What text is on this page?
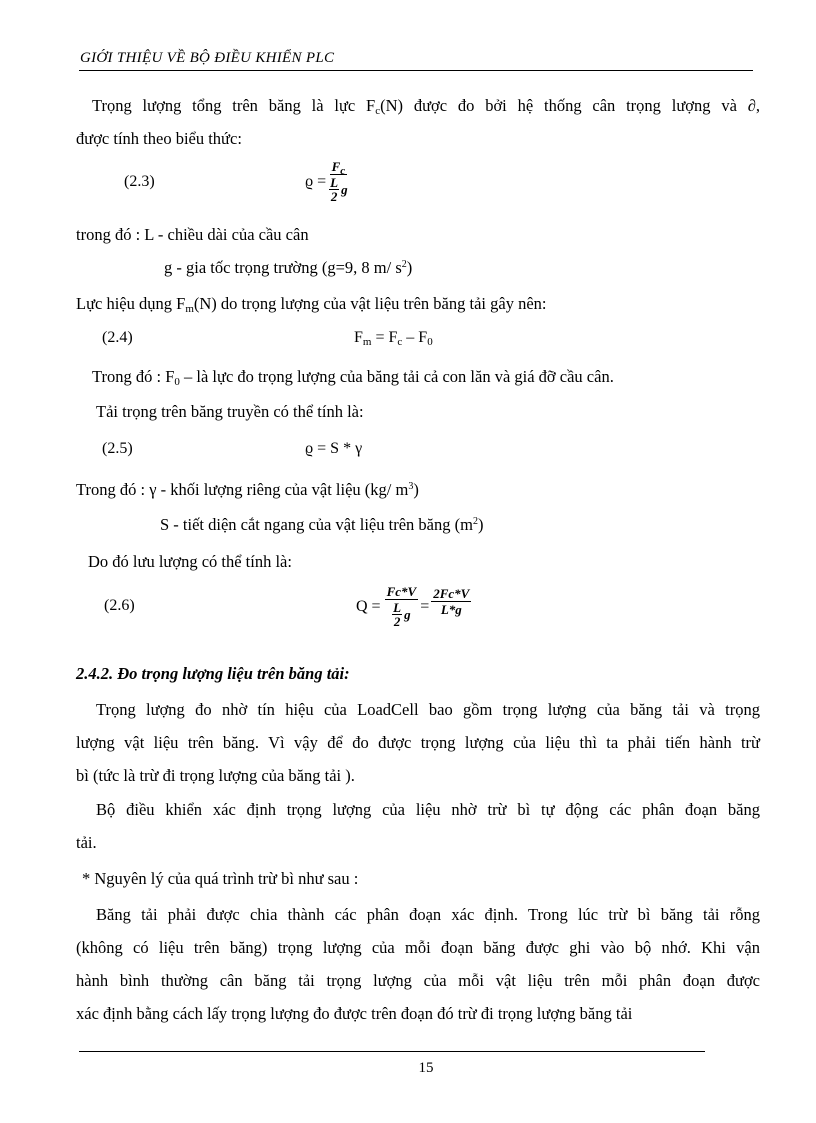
GIỚI THIỆU VỀ BỘ ĐIỀU KHIỂN PLC
Trọng lượng tổng trên băng là lực $F_c(N)$ được đo bởi hệ thống cân trọng lượng và ∂,
được tính theo biểu thức:
(2.3)	$ϱ = F_c$
L
2 g
trong đó : L - chiều dài của cầu cân
g - gia tốc trọng trường (g=9, 8 m/ $s^2$)
Lực hiệu dụng $F_m(N)$ do trọng lượng của vật liệu trên băng tải gây nên:
(2.4)	$F_m = F_c - F_0$
Trong đó : $F_0$ – là lực đo trọng lượng của băng tải cả con lăn và giá đỡ cầu cân.
Tải trọng trên băng truyền có thể tính là:
(2.5)	ϱ = S * γ
Trong đó : γ - khối lượng riêng của vật liệu (kg/ $m^3$)
S - tiết diện cắt ngang của vật liệu trên băng $(m^2)$
Do đó lưu lượng có thể tính là:
(2.6)	Q = Fc*V
L
2 $g = \frac{2Fc*V}{L*g}$
2.4.2. Đo trọng lượng liệu trên băng tải:
Trọng lượng đo nhờ tín hiệu của LoadCell bao gồm trọng lượng của băng tải và trọng
lượng vật liệu trên băng. Vì vậy để đo được trọng lượng của liệu thì ta phải tiến hành trừ
bì (tức là trừ đi trọng lượng của băng tải ).
Bộ điều khiển xác định trọng lượng của liệu nhờ trừ bì tự động các phân đoạn băng
tải.
* Nguyên lý của quá trình trừ bì như sau :
Băng tải phải được chia thành các phân đoạn xác định. Trong lúc trừ bì băng tải rỗng
(không có liệu trên băng) trọng lượng của mỗi đoạn băng được ghi vào bộ nhớ. Khi vận
hành bình thường cân băng tải trọng lượng của mỗi vật liệu trên mỗi phân đoạn được
xác định bằng cách lấy trọng lượng đo được trên đoạn đó trừ đi trọng lượng băng tải
15
